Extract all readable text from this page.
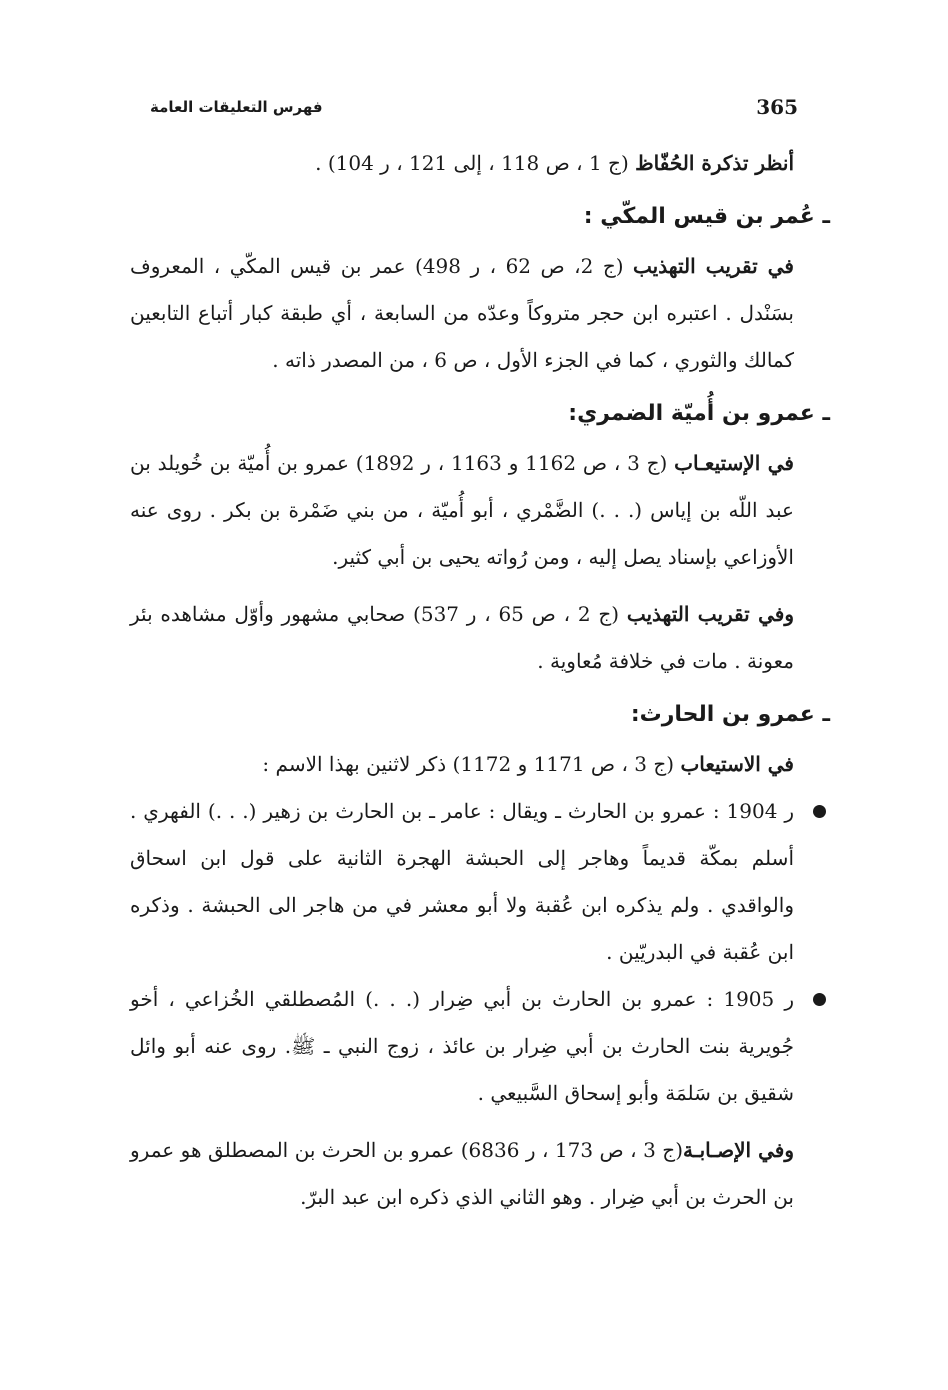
365
فهرس التعليقات العامة

أنظر تذكرة الحُفّاظ (ج 1 ، ص 118 ، إلى 121 ، ر 104) .

ـ عُمر بن قيس المكّي :

في تقريب التهذيب (ج 2، ص 62 ، ر 498) عمر بن قيس المكّي ، المعروف بسَنْدل . اعتبره ابن حجر متروكاً وعدّه من السابعة ، أي طبقة كبار أتباع التابعين كمالك والثوري ، كما في الجزء الأول ، ص 6 ، من المصدر ذاته .

ـ عمرو بن أُميّة الضمري:

في الإستيعـاب (ج 3 ، ص 1162 و 1163 ، ر 1892) عمرو بن أُميّة بن خُويلد بن عبد اللّه بن إياس (. . .) الضَّمْري ، أبو أُميّة ، من بني ضَمْرة بن بكر . روى عنه الأوزاعي بإسناد يصل إليه ، ومن رُواته يحيى بن أبي كثير.

وفي تقريب التهذيب (ج 2 ، ص 65 ، ر 537) صحابي مشهور وأوّل مشاهده بئر معونة . مات في خلافة مُعاوية .

ـ عمرو بن الحارث:

في الاستيعاب (ج 3 ، ص 1171 و 1172) ذكر لاثنين بهذا الاسم :

ر 1904 : عمرو بن الحارث ـ ويقال : عامر ـ بن الحارث بن زهير (. . .) الفهري . أسلم بمكّة قديماً وهاجر إلى الحبشة الهجرة الثانية على قول ابن اسحاق والواقدي . ولم يذكره ابن عُقبة ولا أبو معشر في من هاجر الى الحبشة . وذكره ابن عُقبة في البدريّين .
ر 1905 : عمرو بن الحارث بن أبي ضِرار (. . .) المُصطلقي الخُزاعي ، أخو جُويرية بنت الحارث بن أبي ضِرار بن عائذ ، زوج النبي ـ ﷺ. روى عنه أبو وائل شقيق بن سَلمَة وأبو إسحاق السَّبيعي .

وفي الإصـابـة(ج 3 ، ص 173 ، ر 6836) عمرو بن الحرث بن المصطلق هو عمرو بن الحرث بن أبي ضِرار . وهو الثاني الذي ذكره ابن عبد البرّ.
